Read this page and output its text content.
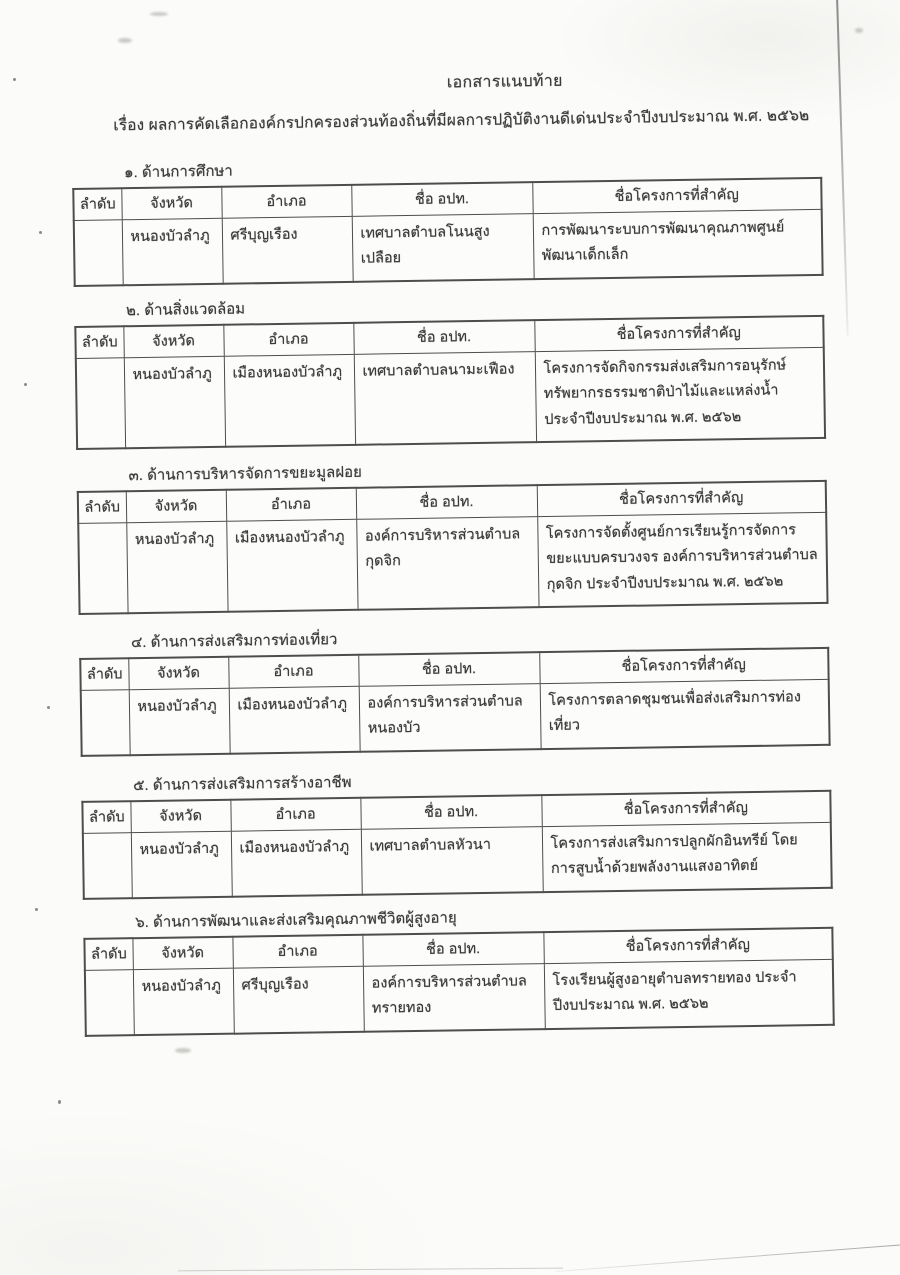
เอกสารแนบท้าย
เรื่อง ผลการคัดเลือกองค์กรปกครองส่วนท้องถิ่นที่มีผลการปฏิบัติงานดีเด่นประจำปีงบประมาณ พ.ศ. ๒๕๖๒
๑. ด้านการศึกษา
ลำดับ	จังหวัด	อำเภอ	ชื่อ อปท.	ชื่อโครงการที่สำคัญ
	หนองบัวลำภู	ศรีบุญเรือง	เทศบาลตำบลโนนสูงเปลือย	การพัฒนาระบบการพัฒนาคุณภาพศูนย์พัฒนาเด็กเล็ก
๒. ด้านสิ่งแวดล้อม
ลำดับ	จังหวัด	อำเภอ	ชื่อ อปท.	ชื่อโครงการที่สำคัญ
	หนองบัวลำภู	เมืองหนองบัวลำภู	เทศบาลตำบลนามะเฟือง	โครงการจัดกิจกรรมส่งเสริมการอนุรักษ์ทรัพยากรธรรมชาติป่าไม้และแหล่งน้ำ ประจำปีงบประมาณ พ.ศ. ๒๕๖๒
๓. ด้านการบริหารจัดการขยะมูลฝอย
ลำดับ	จังหวัด	อำเภอ	ชื่อ อปท.	ชื่อโครงการที่สำคัญ
	หนองบัวลำภู	เมืองหนองบัวลำภู	องค์การบริหารส่วนตำบลกุดจิก	โครงการจัดตั้งศูนย์การเรียนรู้การจัดการขยะแบบครบวงจร องค์การบริหารส่วนตำบลกุดจิก ประจำปีงบประมาณ พ.ศ. ๒๕๖๒
๔. ด้านการส่งเสริมการท่องเที่ยว
ลำดับ	จังหวัด	อำเภอ	ชื่อ อปท.	ชื่อโครงการที่สำคัญ
	หนองบัวลำภู	เมืองหนองบัวลำภู	องค์การบริหารส่วนตำบลหนองบัว	โครงการตลาดชุมชนเพื่อส่งเสริมการท่องเที่ยว
๕. ด้านการส่งเสริมการสร้างอาชีพ
ลำดับ	จังหวัด	อำเภอ	ชื่อ อปท.	ชื่อโครงการที่สำคัญ
	หนองบัวลำภู	เมืองหนองบัวลำภู	เทศบาลตำบลหัวนา	โครงการส่งเสริมการปลูกผักอินทรีย์ โดยการสูบน้ำด้วยพลังงานแสงอาทิตย์
๖. ด้านการพัฒนาและส่งเสริมคุณภาพชีวิตผู้สูงอายุ
ลำดับ	จังหวัด	อำเภอ	ชื่อ อปท.	ชื่อโครงการที่สำคัญ
	หนองบัวลำภู	ศรีบุญเรือง	องค์การบริหารส่วนตำบลทรายทอง	โรงเรียนผู้สูงอายุตำบลทรายทอง ประจำปีงบประมาณ พ.ศ. ๒๕๖๒
